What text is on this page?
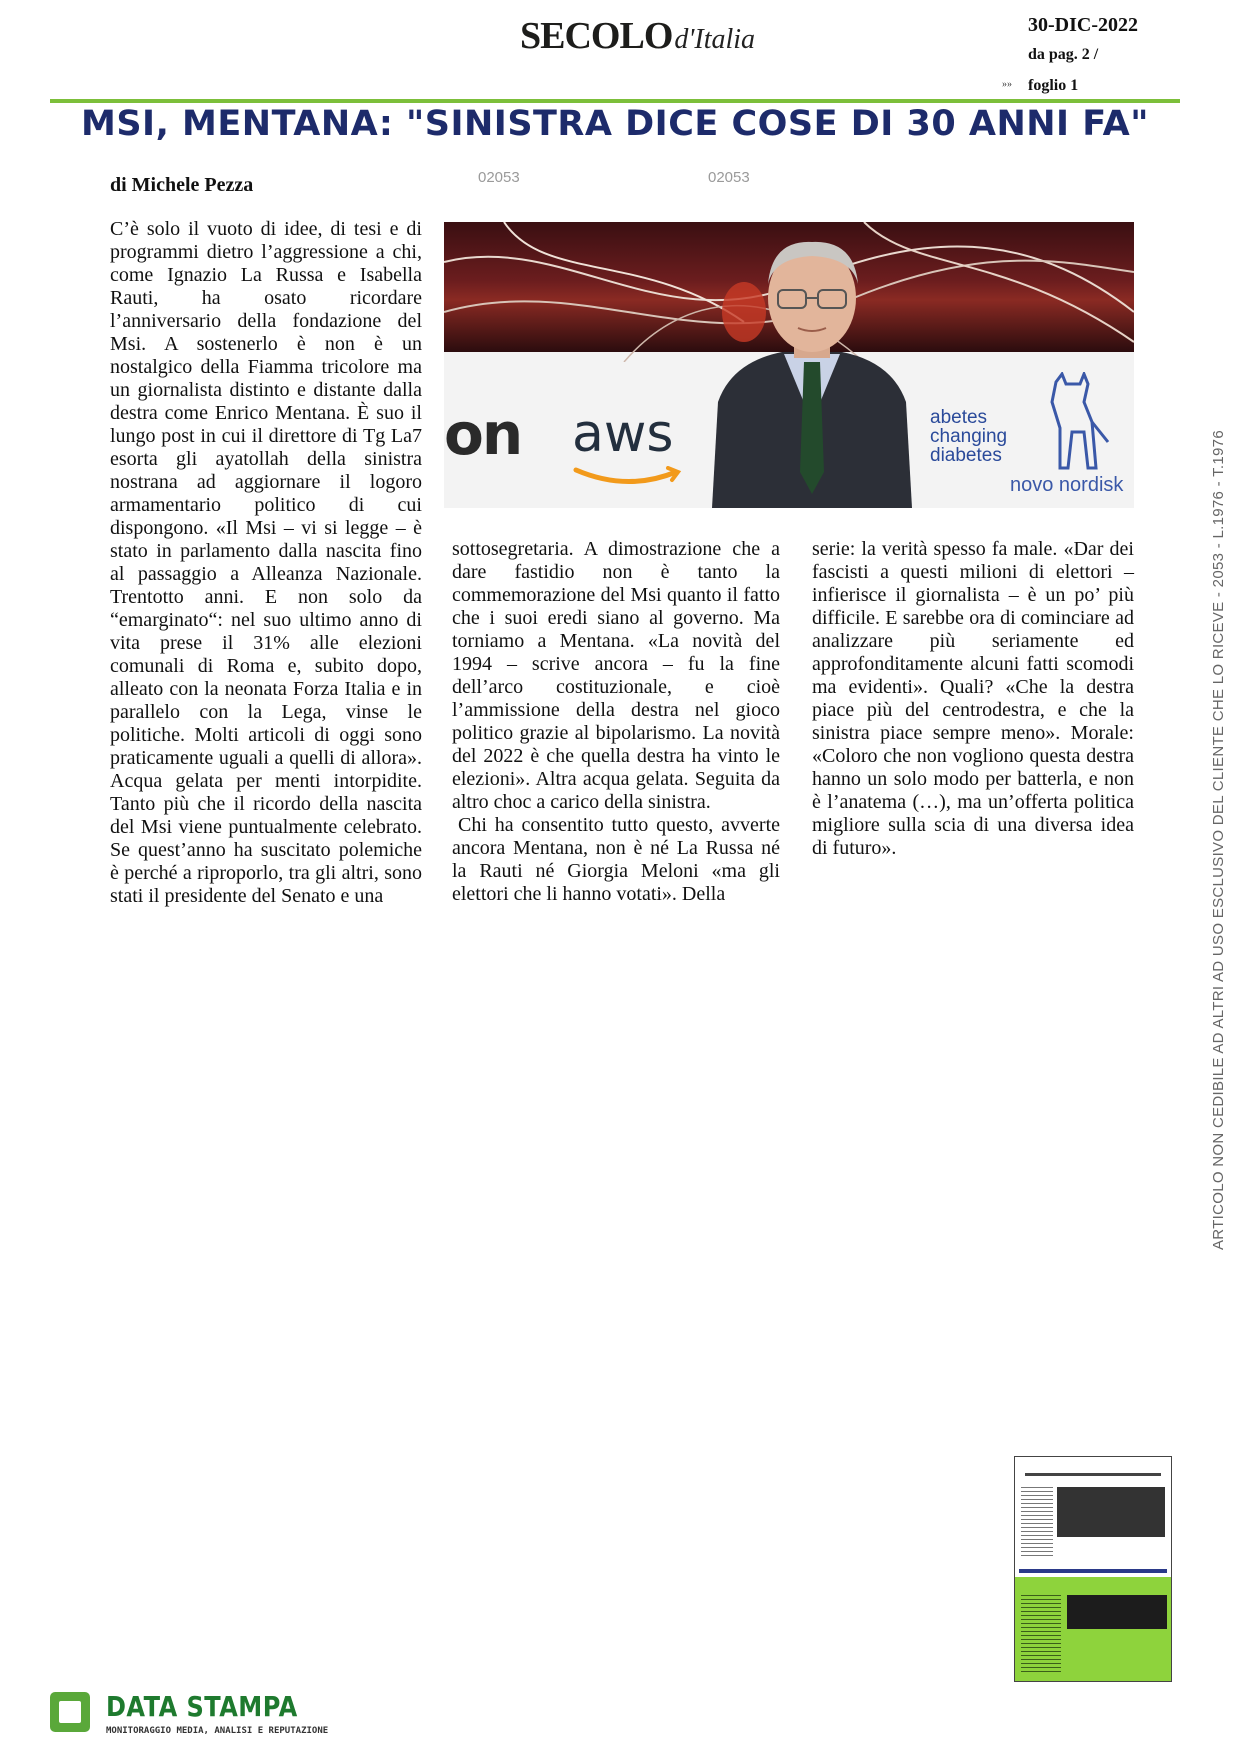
SECOLOd'Italia	30-DIC-2022
da pag. 2 /
»» foglio 1
MSI, MENTANA: "SINISTRA DICE COSE DI 30 ANNI FA"
di Michele Pezza	02053	02053
on aws	abetes
changing
diabetes
novo nordisk
C’è solo il vuoto di idee, di tesi e di programmi dietro l’aggressione a chi, come Ignazio La Russa e Isabella Rauti, ha osato ricordare l’anniversario della fondazione del Msi. A sostenerlo è non è un nostalgico della Fiamma tricolore ma un giornalista distinto e distante dalla destra come Enrico Mentana. È suo il lungo post in cui il direttore di Tg La7 esorta gli ayatollah della sinistra nostrana ad aggiornare il logoro armamentario politico di cui dispongono. «Il Msi – vi si legge – è stato in parlamento dalla nascita fino al passaggio a Alleanza Nazionale. Trentotto anni. E non solo da “emarginato“: nel suo ultimo anno di vita prese il 31% alle elezioni comunali di Roma e, subito dopo, alleato con la neonata Forza Italia e in parallelo con la Lega, vinse le politiche. Molti articoli di oggi sono praticamente uguali a quelli di allora». Acqua gelata per menti intorpidite. Tanto più che il ricordo della nascita del Msi viene puntualmente celebrato. Se quest’anno ha suscitato polemiche è perché a riproporlo, tra gli altri, sono stati il presidente del Senato e una
sottosegretaria. A dimostrazione che a dare fastidio non è tanto la commemorazione del Msi quanto il fatto che i suoi eredi siano al governo. Ma torniamo a Mentana. «La novità del 1994 – scrive ancora – fu la fine dell’arco costituzionale, e cioè l’ammissione della destra nel gioco politico grazie al bipolarismo. La novità del 2022 è che quella destra ha vinto le elezioni». Altra acqua gelata. Seguita da altro choc a carico della sinistra.
Chi ha consentito tutto questo, avverte ancora Mentana, non è né La Russa né la Rauti né Giorgia Meloni «ma gli elettori che li hanno votati». Della
serie: la verità spesso fa male. «Dar dei fascisti a questi milioni di elettori – infierisce il giornalista – è un po’ più difficile. E sarebbe ora di cominciare ad analizzare più seriamente ed approfonditamente alcuni fatti scomodi ma evidenti». Quali? «Che la destra piace più del centrodestra, e che la sinistra piace sempre meno». Morale: «Coloro che non vogliono questa destra hanno un solo modo per batterla, e non è l’anatema (…), ma un’offerta politica migliore sulla scia di una diversa idea di futuro».	ARTICOLO NON CEDIBILE AD ALTRI AD USO ESCLUSIVO DEL CLIENTE CHE LO RICEVE - 2053 - L.1976 - T.1976
DATA STAMPA
MONITORAGGIO MEDIA, ANALISI E REPUTAZIONE
